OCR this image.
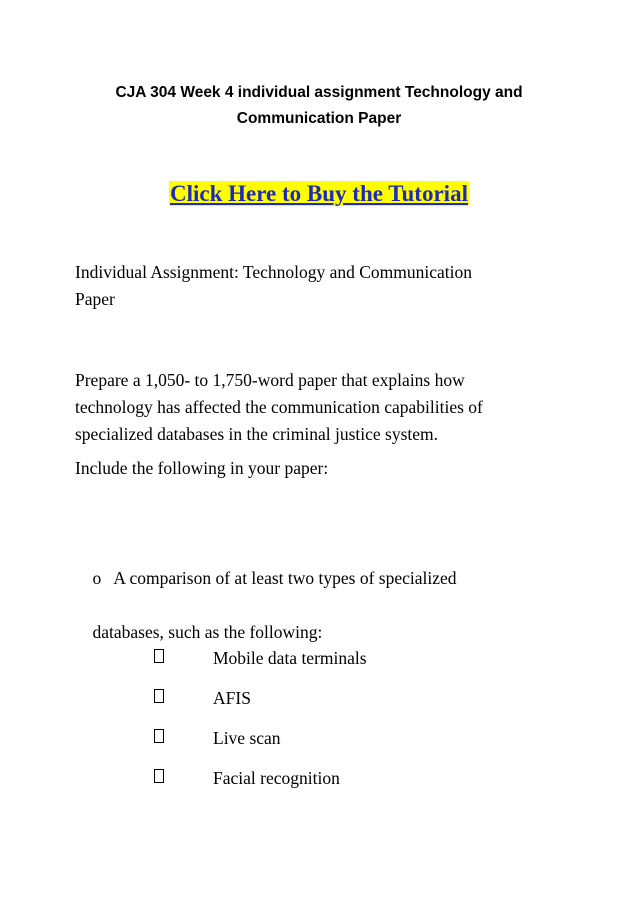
CJA 304 Week 4 individual assignment Technology and
Communication Paper
Click Here to Buy the Tutorial

Individual Assignment: Technology and Communication
Paper

Prepare a 1,050- to 1,750-word paper that explains how
technology has affected the communication capabilities of
specialized databases in the criminal justice system.

Include the following in your paper:

o   A comparison of at least two types of specialized

databases, such as the following:

Mobile data terminals
AFIS
Live scan
Facial recognition
